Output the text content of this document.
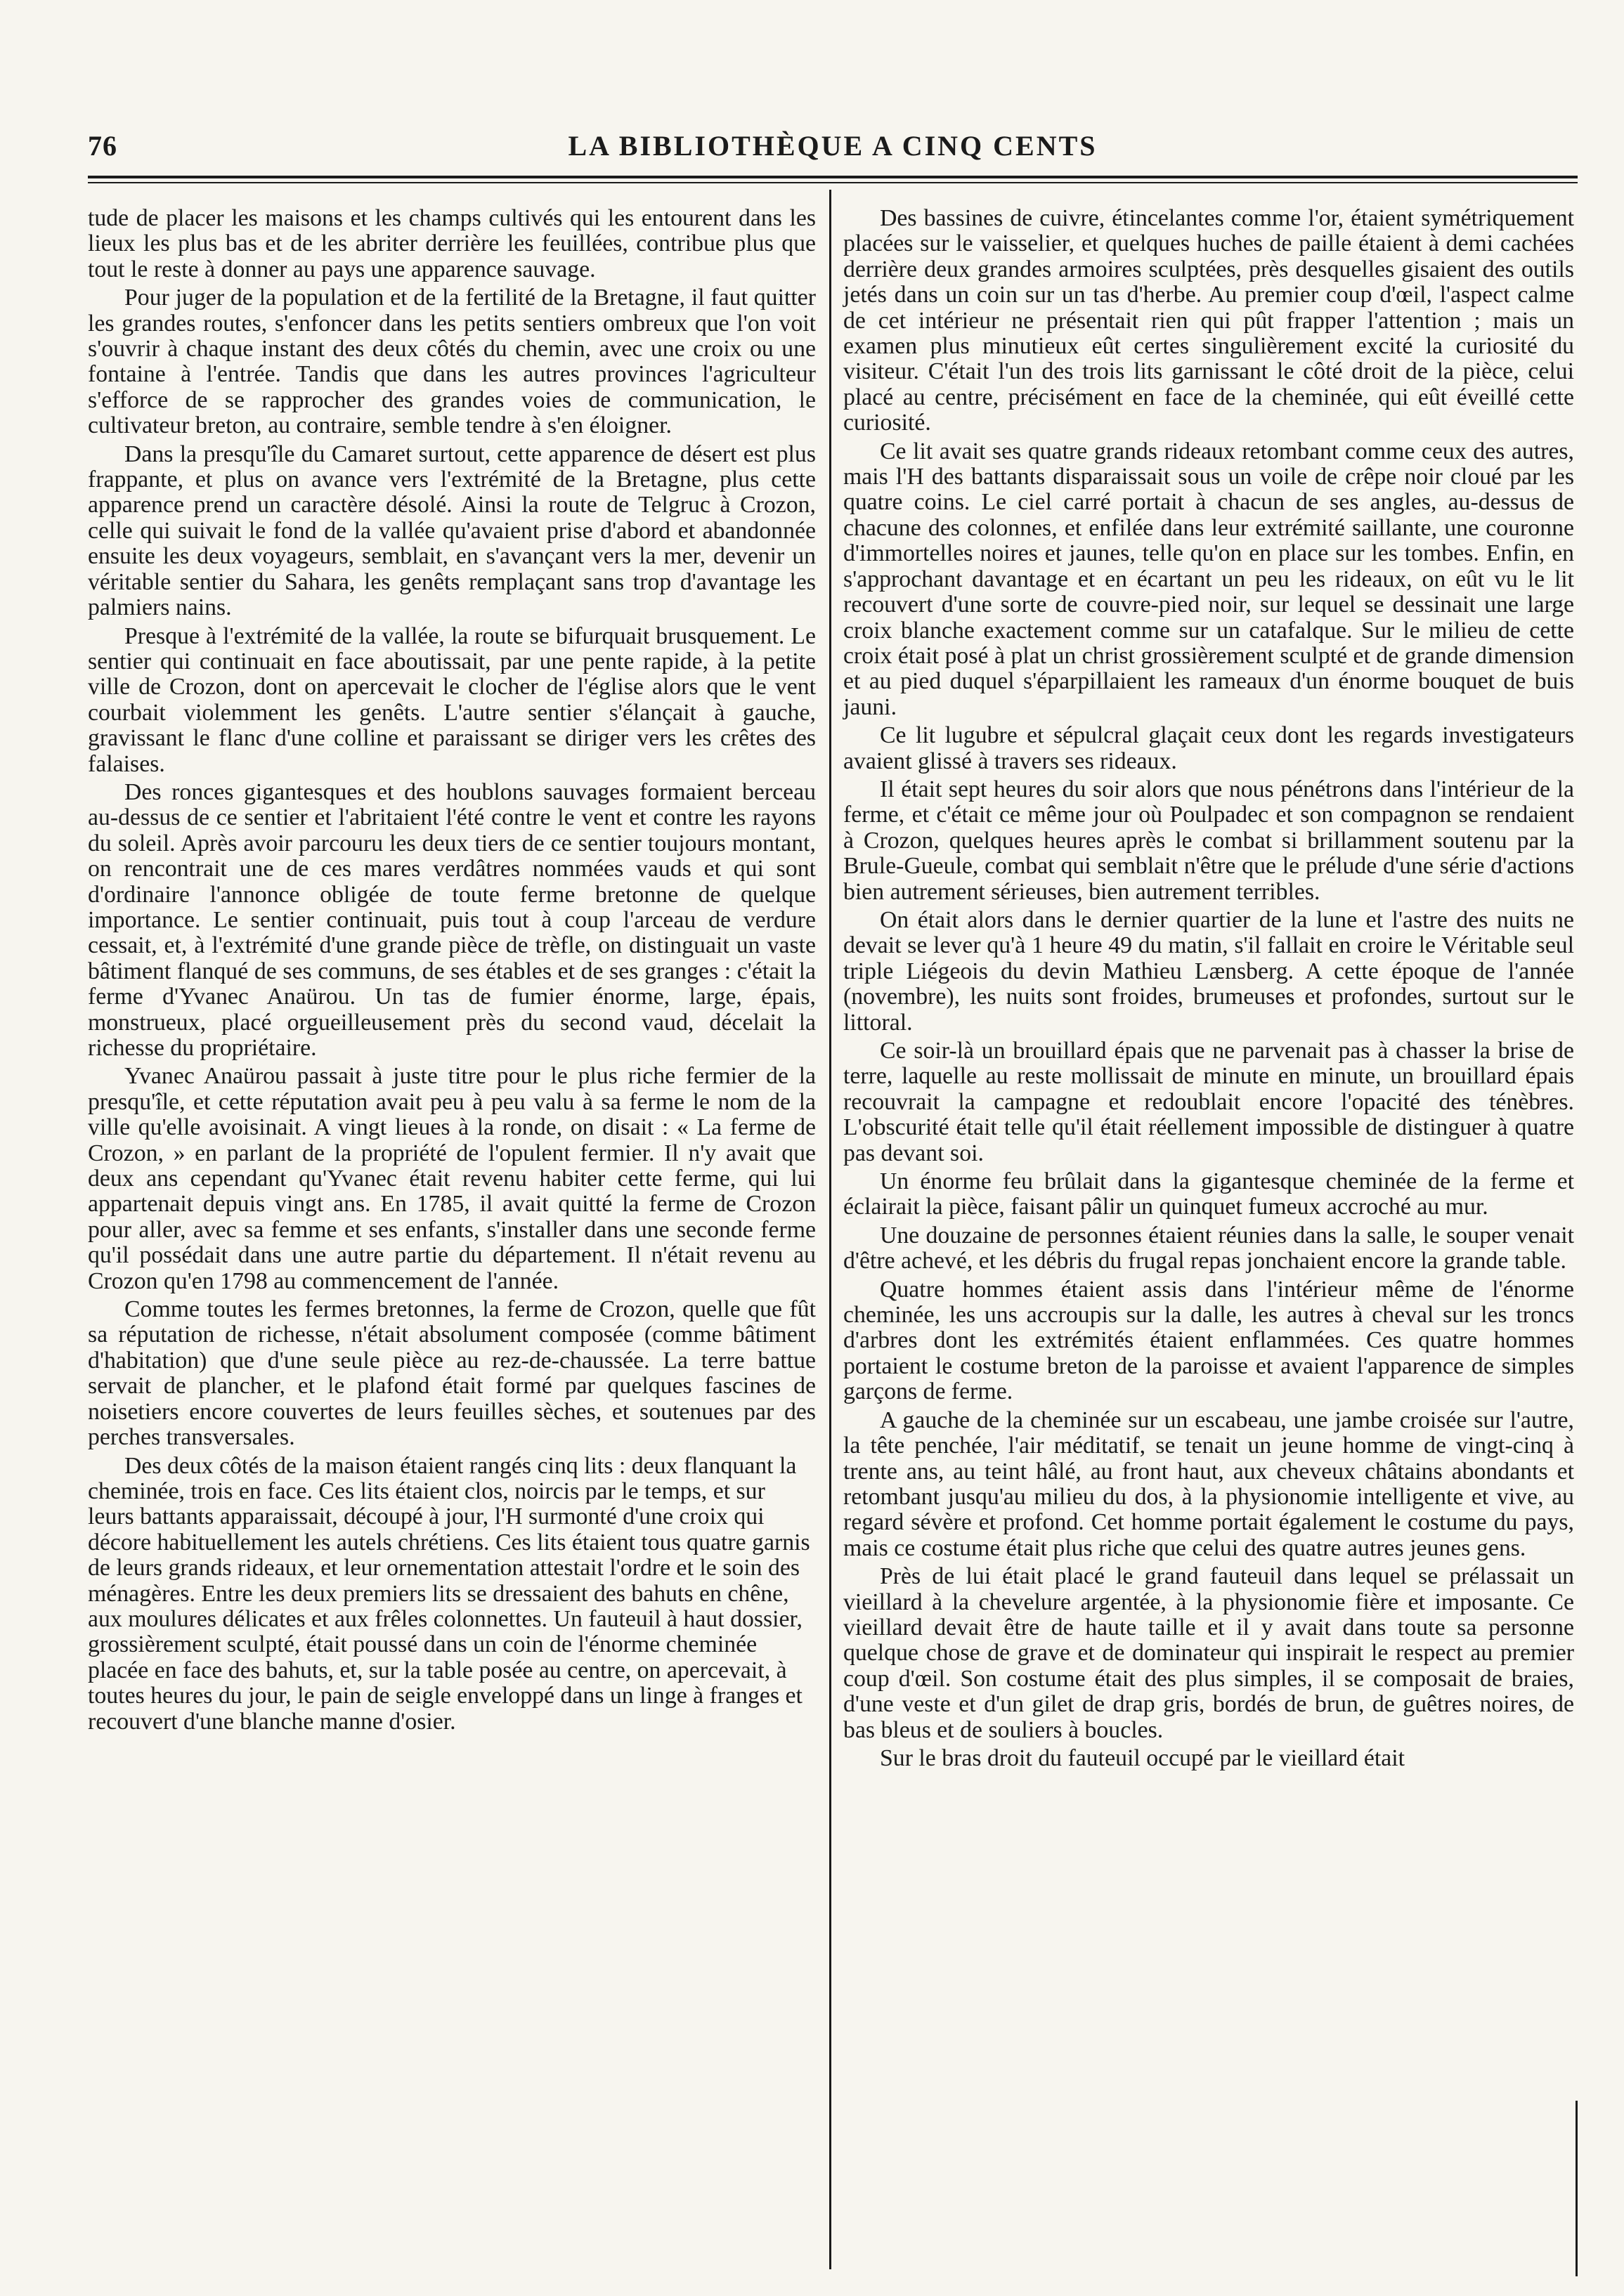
76	LA BIBLIOTHÈQUE A CINQ CENTS

tude de placer les maisons et les champs cultivés qui les entourent dans les lieux les plus bas et de les abriter derrière les feuillées, contribue plus que tout le reste à donner au pays une apparence sauvage.

Pour juger de la population et de la fertilité de la Bretagne, il faut quitter les grandes routes, s'enfoncer dans les petits sentiers ombreux que l'on voit s'ouvrir à chaque instant des deux côtés du chemin, avec une croix ou une fontaine à l'entrée. Tandis que dans les autres provinces l'agriculteur s'efforce de se rapprocher des grandes voies de communication, le cultivateur breton, au contraire, semble tendre à s'en éloigner.

Dans la presqu'île du Camaret surtout, cette apparence de désert est plus frappante, et plus on avance vers l'extrémité de la Bretagne, plus cette apparence prend un caractère désolé. Ainsi la route de Telgruc à Crozon, celle qui suivait le fond de la vallée qu'avaient prise d'abord et abandonnée ensuite les deux voyageurs, semblait, en s'avançant vers la mer, devenir un véritable sentier du Sahara, les genêts remplaçant sans trop d'avantage les palmiers nains.

Presque à l'extrémité de la vallée, la route se bifurquait brusquement. Le sentier qui continuait en face aboutissait, par une pente rapide, à la petite ville de Crozon, dont on apercevait le clocher de l'église alors que le vent courbait violemment les genêts. L'autre sentier s'élançait à gauche, gravissant le flanc d'une colline et paraissant se diriger vers les crêtes des falaises.

Des ronces gigantesques et des houblons sauvages formaient berceau au-dessus de ce sentier et l'abritaient l'été contre le vent et contre les rayons du soleil. Après avoir parcouru les deux tiers de ce sentier toujours montant, on rencontrait une de ces mares verdâtres nommées vauds et qui sont d'ordinaire l'annonce obligée de toute ferme bretonne de quelque importance. Le sentier continuait, puis tout à coup l'arceau de verdure cessait, et, à l'extrémité d'une grande pièce de trèfle, on distinguait un vaste bâtiment flanqué de ses communs, de ses étables et de ses granges : c'était la ferme d'Yvanec Anaürou. Un tas de fumier énorme, large, épais, monstrueux, placé orgueilleusement près du second vaud, décelait la richesse du propriétaire.

Yvanec Anaürou passait à juste titre pour le plus riche fermier de la presqu'île, et cette réputation avait peu à peu valu à sa ferme le nom de la ville qu'elle avoisinait. A vingt lieues à la ronde, on disait : « La ferme de Crozon, » en parlant de la propriété de l'opulent fermier. Il n'y avait que deux ans cependant qu'Yvanec était revenu habiter cette ferme, qui lui appartenait depuis vingt ans. En 1785, il avait quitté la ferme de Crozon pour aller, avec sa femme et ses enfants, s'installer dans une seconde ferme qu'il possédait dans une autre partie du département. Il n'était revenu au Crozon qu'en 1798 au commencement de l'année.

Comme toutes les fermes bretonnes, la ferme de Crozon, quelle que fût sa réputation de richesse, n'était absolument composée (comme bâtiment d'habitation) que d'une seule pièce au rez-de-chaussée. La terre battue servait de plancher, et le plafond était formé par quelques fascines de noisetiers encore couvertes de leurs feuilles sèches, et soutenues par des perches transversales.

Des deux côtés de la maison étaient rangés cinq lits : deux flanquant la cheminée, trois en face. Ces lits étaient clos, noircis par le temps, et sur leurs battants apparaissait, découpé à jour, l'H surmonté d'une croix qui décore habituellement les autels chrétiens. Ces lits étaient tous quatre garnis de leurs grands rideaux, et leur ornementation attestait l'ordre et le soin des ménagères. Entre les deux premiers lits se dressaient des bahuts en chêne, aux moulures délicates et aux frêles colonnettes. Un fauteuil à haut dossier, grossièrement sculpté, était poussé dans un coin de l'énorme cheminée placée en face des bahuts, et, sur la table posée au centre, on apercevait, à toutes heures du jour, le pain de seigle enveloppé dans un linge à franges et recouvert d'une blanche manne d'osier.

Des bassines de cuivre, étincelantes comme l'or, étaient symétriquement placées sur le vaisselier, et quelques huches de paille étaient à demi cachées derrière deux grandes armoires sculptées, près desquelles gisaient des outils jetés dans un coin sur un tas d'herbe. Au premier coup d'œil, l'aspect calme de cet intérieur ne présentait rien qui pût frapper l'attention ; mais un examen plus minutieux eût certes singulièrement excité la curiosité du visiteur. C'était l'un des trois lits garnissant le côté droit de la pièce, celui placé au centre, précisément en face de la cheminée, qui eût éveillé cette curiosité.

Ce lit avait ses quatre grands rideaux retombant comme ceux des autres, mais l'H des battants disparaissait sous un voile de crêpe noir cloué par les quatre coins. Le ciel carré portait à chacun de ses angles, au-dessus de chacune des colonnes, et enfilée dans leur extrémité saillante, une couronne d'immortelles noires et jaunes, telle qu'on en place sur les tombes. Enfin, en s'approchant davantage et en écartant un peu les rideaux, on eût vu le lit recouvert d'une sorte de couvre-pied noir, sur lequel se dessinait une large croix blanche exactement comme sur un catafalque. Sur le milieu de cette croix était posé à plat un christ grossièrement sculpté et de grande dimension et au pied duquel s'éparpillaient les rameaux d'un énorme bouquet de buis jauni.

Ce lit lugubre et sépulcral glaçait ceux dont les regards investigateurs avaient glissé à travers ses rideaux.

Il était sept heures du soir alors que nous pénétrons dans l'intérieur de la ferme, et c'était ce même jour où Poulpadec et son compagnon se rendaient à Crozon, quelques heures après le combat si brillamment soutenu par la Brule-Gueule, combat qui semblait n'être que le prélude d'une série d'actions bien autrement sérieuses, bien autrement terribles.

On était alors dans le dernier quartier de la lune et l'astre des nuits ne devait se lever qu'à 1 heure 49 du matin, s'il fallait en croire le Véritable seul triple Liégeois du devin Mathieu Lænsberg. A cette époque de l'année (novembre), les nuits sont froides, brumeuses et profondes, surtout sur le littoral.

Ce soir-là un brouillard épais que ne parvenait pas à chasser la brise de terre, laquelle au reste mollissait de minute en minute, un brouillard épais recouvrait la campagne et redoublait encore l'opacité des ténèbres. L'obscurité était telle qu'il était réellement impossible de distinguer à quatre pas devant soi.

Un énorme feu brûlait dans la gigantesque cheminée de la ferme et éclairait la pièce, faisant pâlir un quinquet fumeux accroché au mur.

Une douzaine de personnes étaient réunies dans la salle, le souper venait d'être achevé, et les débris du frugal repas jonchaient encore la grande table.

Quatre hommes étaient assis dans l'intérieur même de l'énorme cheminée, les uns accroupis sur la dalle, les autres à cheval sur les troncs d'arbres dont les extrémités étaient enflammées. Ces quatre hommes portaient le costume breton de la paroisse et avaient l'apparence de simples garçons de ferme.

A gauche de la cheminée sur un escabeau, une jambe croisée sur l'autre, la tête penchée, l'air méditatif, se tenait un jeune homme de vingt-cinq à trente ans, au teint hâlé, au front haut, aux cheveux châtains abondants et retombant jusqu'au milieu du dos, à la physionomie intelligente et vive, au regard sévère et profond. Cet homme portait également le costume du pays, mais ce costume était plus riche que celui des quatre autres jeunes gens.

Près de lui était placé le grand fauteuil dans lequel se prélassait un vieillard à la chevelure argentée, à la physionomie fière et imposante. Ce vieillard devait être de haute taille et il y avait dans toute sa personne quelque chose de grave et de dominateur qui inspirait le respect au premier coup d'œil. Son costume était des plus simples, il se composait de braies, d'une veste et d'un gilet de drap gris, bordés de brun, de guêtres noires, de bas bleus et de souliers à boucles.

Sur le bras droit du fauteuil occupé par le vieillard était
